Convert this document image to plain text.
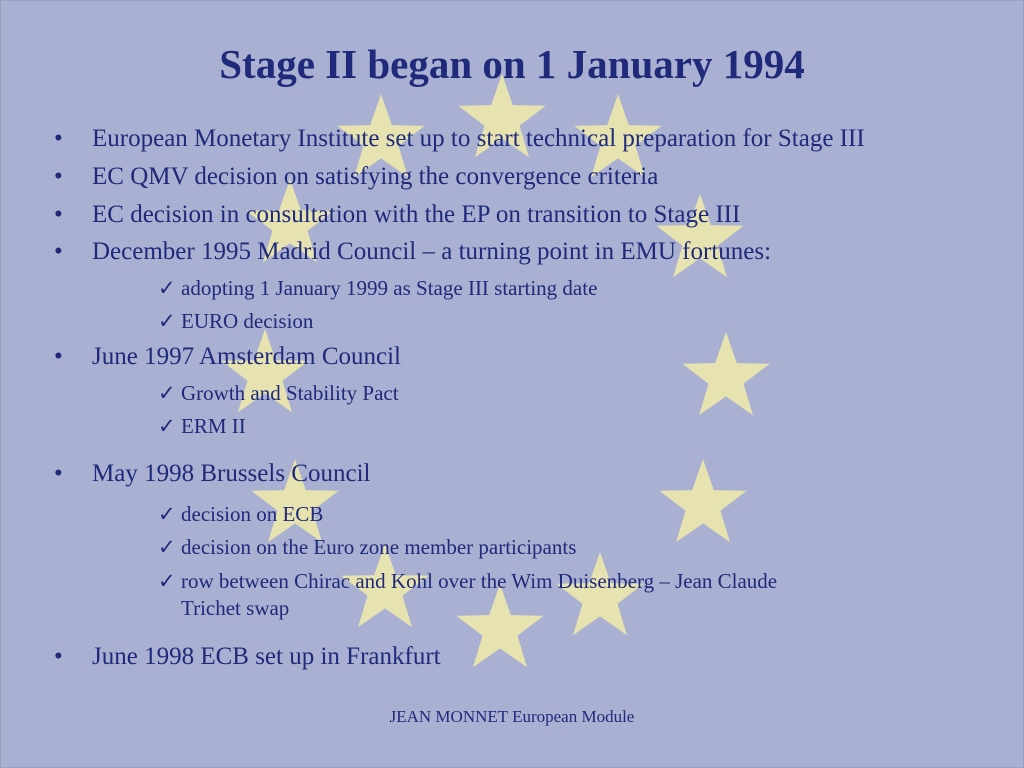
Stage II began on 1 January 1994
• European Monetary Institute set up to start technical preparation for Stage III
• EC QMV decision on satisfying the convergence criteria
• EC decision in consultation with the EP on transition to Stage III
• December 1995 Madrid Council – a turning point in EMU fortunes:
✓ adopting 1 January 1999 as Stage III starting date
✓ EURO decision
• June 1997 Amsterdam Council
✓ Growth and Stability Pact
✓ ERM II
• May 1998 Brussels Council
✓ decision on ECB
✓ decision on the Euro zone member participants
✓ row between Chirac and Kohl over the Wim Duisenberg – Jean Claude
Trichet swap
• June 1998 ECB set up in Frankfurt
JEAN MONNET European Module
